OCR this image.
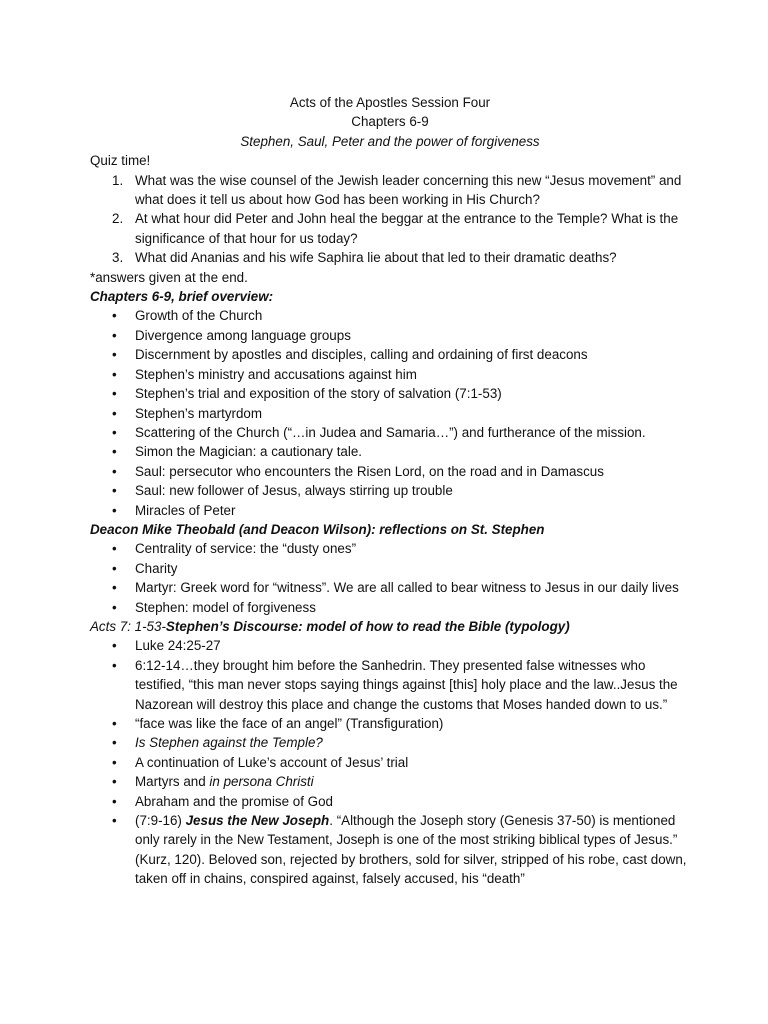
Acts of the Apostles Session Four
Chapters 6-9
Stephen, Saul, Peter and the power of forgiveness
Quiz time!
1. What was the wise counsel of the Jewish leader concerning this new “Jesus movement” and what does it tell us about how God has been working in His Church?
2. At what hour did Peter and John heal the beggar at the entrance to the Temple? What is the significance of that hour for us today?
3. What did Ananias and his wife Saphira lie about that led to their dramatic deaths?
*answers given at the end.
Chapters 6-9, brief overview:
• Growth of the Church
• Divergence among language groups
• Discernment by apostles and disciples, calling and ordaining of first deacons
• Stephen’s ministry and accusations against him
• Stephen’s trial and exposition of the story of salvation (7:1-53)
• Stephen’s martyrdom
• Scattering of the Church (“…in Judea and Samaria…”) and furtherance of the mission.
• Simon the Magician: a cautionary tale.
• Saul: persecutor who encounters the Risen Lord, on the road and in Damascus
• Saul: new follower of Jesus, always stirring up trouble
• Miracles of Peter
Deacon Mike Theobald (and Deacon Wilson): reflections on St. Stephen
• Centrality of service: the “dusty ones”
• Charity
• Martyr: Greek word for “witness”. We are all called to bear witness to Jesus in our daily lives
• Stephen: model of forgiveness
Acts 7: 1-53-Stephen’s Discourse: model of how to read the Bible (typology)
• Luke 24:25-27
• 6:12-14…they brought him before the Sanhedrin. They presented false witnesses who testified, “this man never stops saying things against [this] holy place and the law..Jesus the Nazorean will destroy this place and change the customs that Moses handed down to us.”
• “face was like the face of an angel” (Transfiguration)
• Is Stephen against the Temple?
• A continuation of Luke’s account of Jesus’ trial
• Martyrs and in persona Christi
• Abraham and the promise of God
• (7:9-16) Jesus the New Joseph. “Although the Joseph story (Genesis 37-50) is mentioned only rarely in the New Testament, Joseph is one of the most striking biblical types of Jesus.” (Kurz, 120). Beloved son, rejected by brothers, sold for silver, stripped of his robe, cast down, taken off in chains, conspired against, falsely accused, his “death”
